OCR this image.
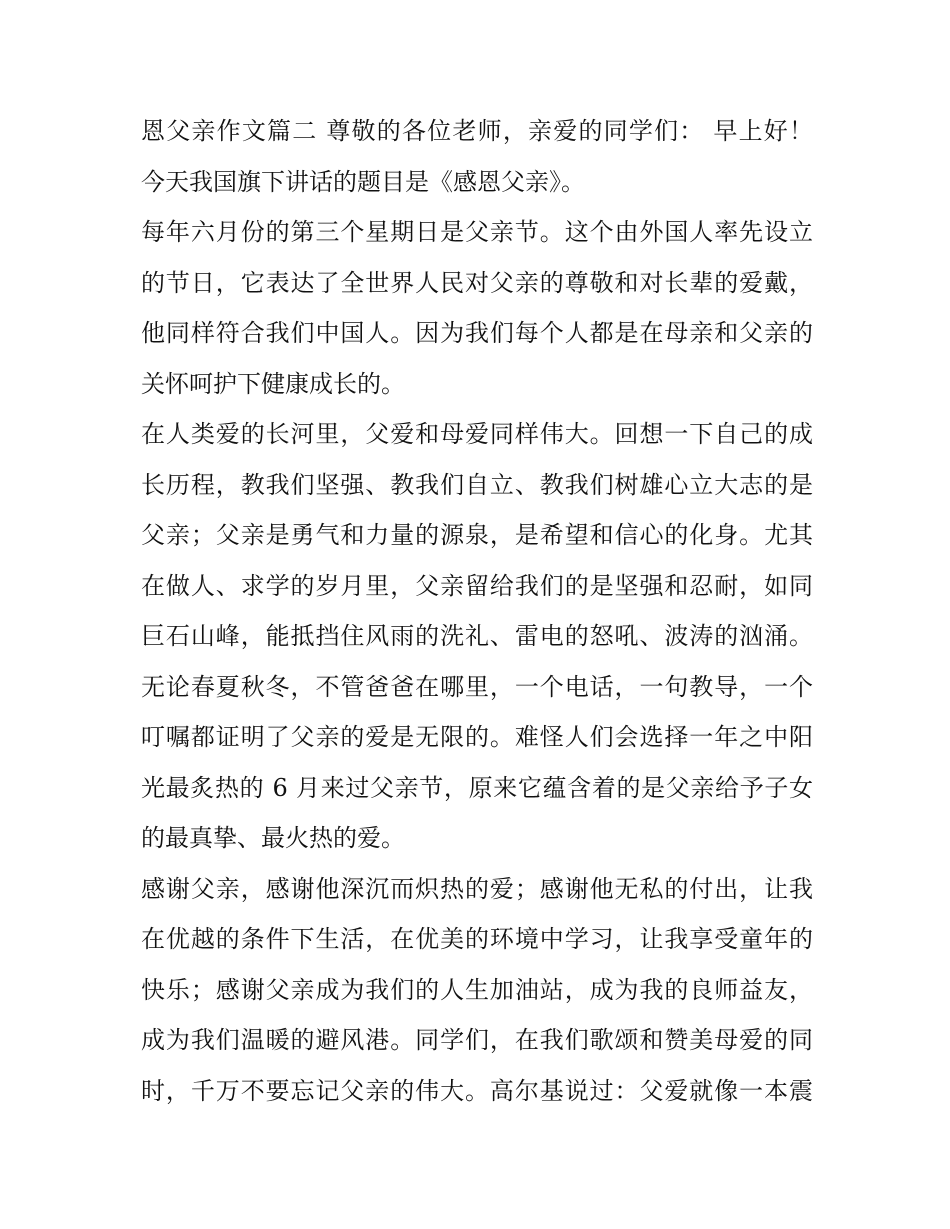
恩父亲作文篇二 尊敬的各位老师，亲爱的同学们： 早上好！
今天我国旗下讲话的题目是《感恩父亲》。
每年六月份的第三个星期日是父亲节。这个由外国人率先设立
的节日，它表达了全世界人民对父亲的尊敬和对长辈的爱戴，
他同样符合我们中国人。因为我们每个人都是在母亲和父亲的
关怀呵护下健康成长的。
在人类爱的长河里，父爱和母爱同样伟大。回想一下自己的成
长历程，教我们坚强、教我们自立、教我们树雄心立大志的是
父亲；父亲是勇气和力量的源泉，是希望和信心的化身。尤其
在做人、求学的岁月里，父亲留给我们的是坚强和忍耐，如同
巨石山峰，能抵挡住风雨的洗礼、雷电的怒吼、波涛的汹涌。
无论春夏秋冬，不管爸爸在哪里，一个电话，一句教导，一个
叮嘱都证明了父亲的爱是无限的。难怪人们会选择一年之中阳
光最炙热的 6 月来过父亲节，原来它蕴含着的是父亲给予子女
的最真挚、最火热的爱。
感谢父亲，感谢他深沉而炽热的爱；感谢他无私的付出，让我
在优越的条件下生活，在优美的环境中学习，让我享受童年的
快乐；感谢父亲成为我们的人生加油站，成为我的良师益友，
成为我们温暖的避风港。同学们，在我们歌颂和赞美母爱的同
时，千万不要忘记父亲的伟大。高尔基说过：父爱就像一本震
